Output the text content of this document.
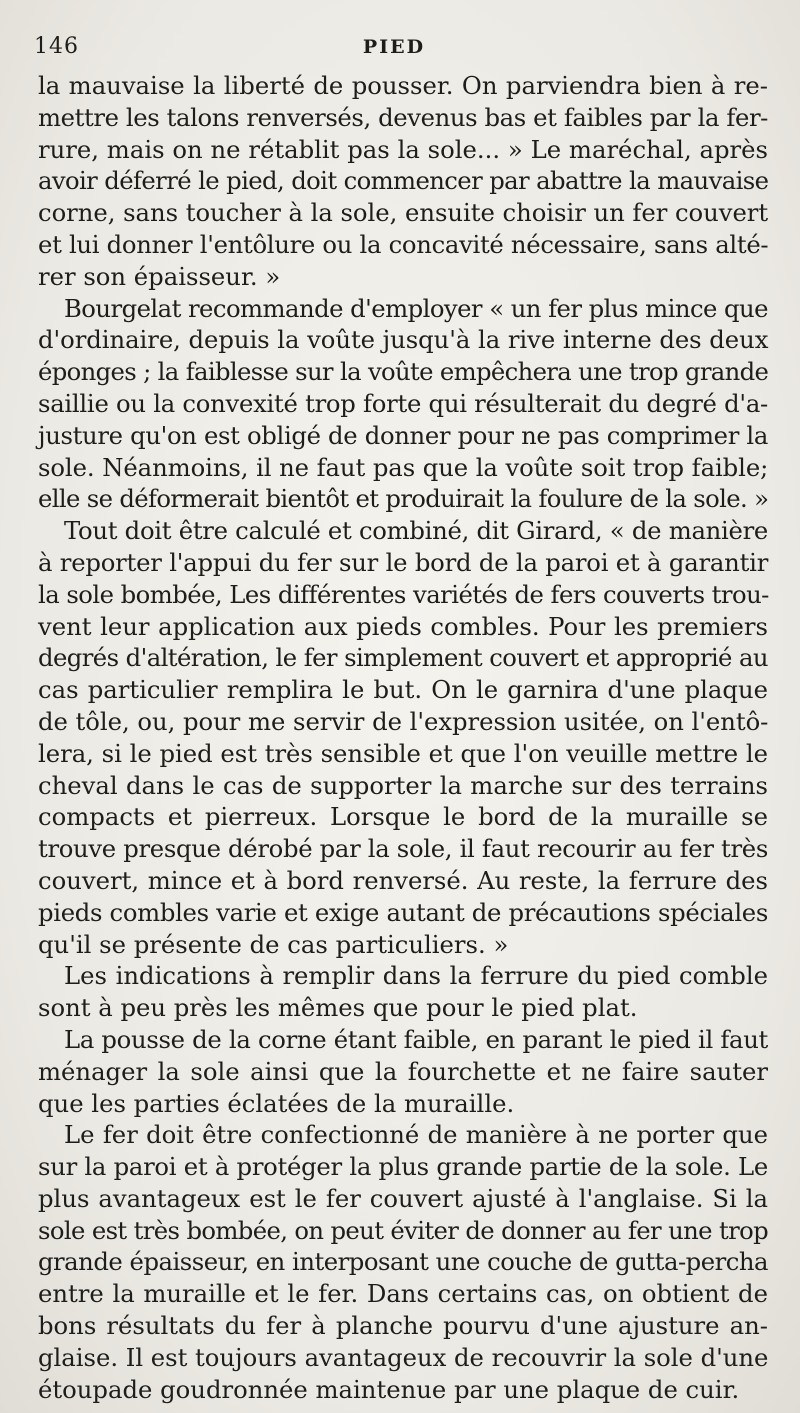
146	PIED
la mauvaise la liberté de pousser. On parviendra bien à re-
mettre les talons renversés, devenus bas et faibles par la fer-
rure, mais on ne rétablit pas la sole... » Le maréchal, après
avoir déferré le pied, doit commencer par abattre la mauvaise
corne, sans toucher à la sole, ensuite choisir un fer couvert
et lui donner l'entôlure ou la concavité nécessaire, sans alté-
rer son épaisseur. »
Bourgelat recommande d'employer « un fer plus mince que
d'ordinaire, depuis la voûte jusqu'à la rive interne des deux
éponges ; la faiblesse sur la voûte empêchera une trop grande
saillie ou la convexité trop forte qui résulterait du degré d'a-
justure qu'on est obligé de donner pour ne pas comprimer la
sole. Néanmoins, il ne faut pas que la voûte soit trop faible;
elle se déformerait bientôt et produirait la foulure de la sole. »
Tout doit être calculé et combiné, dit Girard, « de manière
à reporter l'appui du fer sur le bord de la paroi et à garantir
la sole bombée, Les différentes variétés de fers couverts trou-
vent leur application aux pieds combles. Pour les premiers
degrés d'altération, le fer simplement couvert et approprié au
cas particulier remplira le but. On le garnira d'une plaque
de tôle, ou, pour me servir de l'expression usitée, on l'entô-
lera, si le pied est très sensible et que l'on veuille mettre le
cheval dans le cas de supporter la marche sur des terrains
compacts et pierreux. Lorsque le bord de la muraille se
trouve presque dérobé par la sole, il faut recourir au fer très
couvert, mince et à bord renversé. Au reste, la ferrure des
pieds combles varie et exige autant de précautions spéciales
qu'il se présente de cas particuliers. »
Les indications à remplir dans la ferrure du pied comble
sont à peu près les mêmes que pour le pied plat.
La pousse de la corne étant faible, en parant le pied il faut
ménager la sole ainsi que la fourchette et ne faire sauter
que les parties éclatées de la muraille.
Le fer doit être confectionné de manière à ne porter que
sur la paroi et à protéger la plus grande partie de la sole. Le
plus avantageux est le fer couvert ajusté à l'anglaise. Si la
sole est très bombée, on peut éviter de donner au fer une trop
grande épaisseur, en interposant une couche de gutta-percha
entre la muraille et le fer. Dans certains cas, on obtient de
bons résultats du fer à planche pourvu d'une ajusture an-
glaise. Il est toujours avantageux de recouvrir la sole d'une
étoupade goudronnée maintenue par une plaque de cuir.
